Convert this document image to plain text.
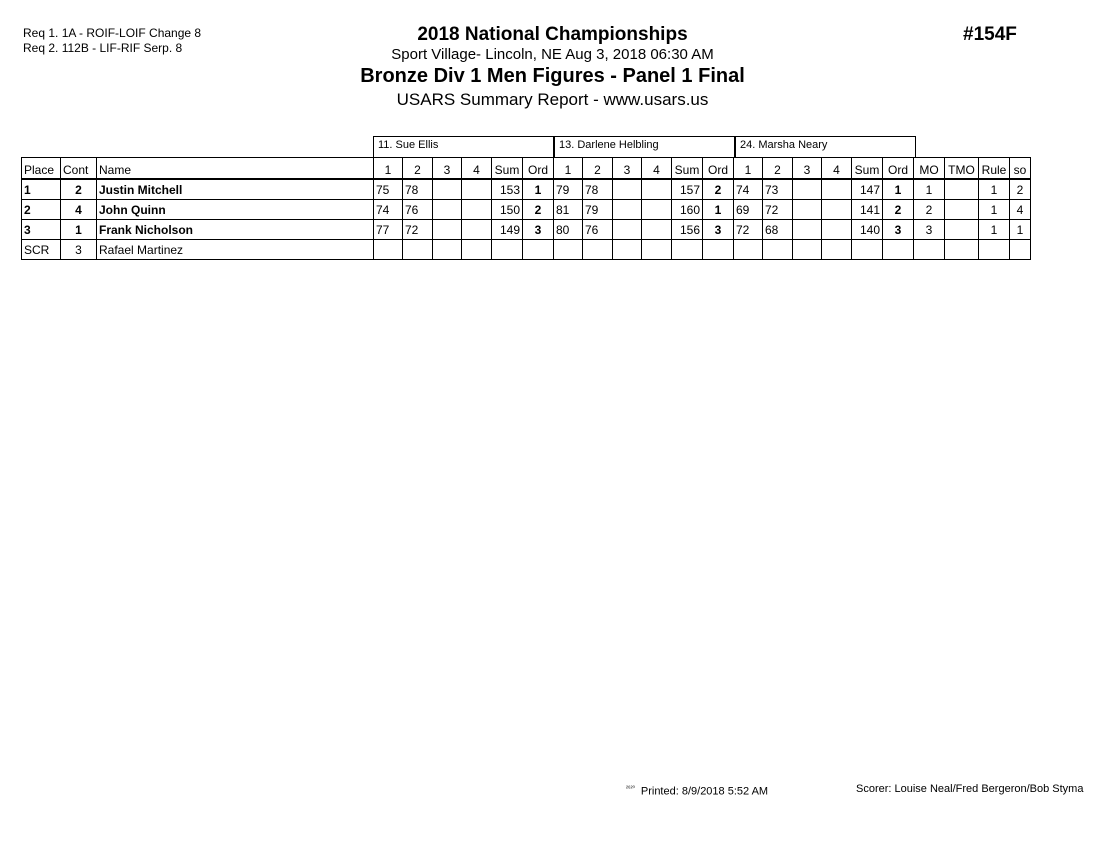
Req 1. 1A - ROIF-LOIF Change 8
Req 2. 112B - LIF-RIF Serp. 8
2018 National Championships
Sport Village- Lincoln, NE Aug 3, 2018 06:30 AM
Bronze Div 1 Men Figures - Panel 1 Final
USARS Summary Report - www.usars.us
#154F
11. Sue Ellis	13. Darlene Helbling	24. Marsha Neary
Place	Cont	Name	1	2	3	4	Sum	Ord	1	2	3	4	Sum	Ord	1	2	3	4	Sum	Ord	MO	TMO	Rule	so
1	2	Justin Mitchell	75	78			153	1	79	78			157	2	74	73			147	1	1		1	2
2	4	John Quinn	74	76			150	2	81	79			160	1	69	72			141	2	2		1	4
3	1	Frank Nicholson	77	72			149	3	80	76			156	3	72	68			140	3	3		1	1
SCR	3	Rafael Martinez																						
$^{^{2620}}$ Printed: 8/9/2018 5:52 AM	Scorer: Louise Neal/Fred Bergeron/Bob Styma
